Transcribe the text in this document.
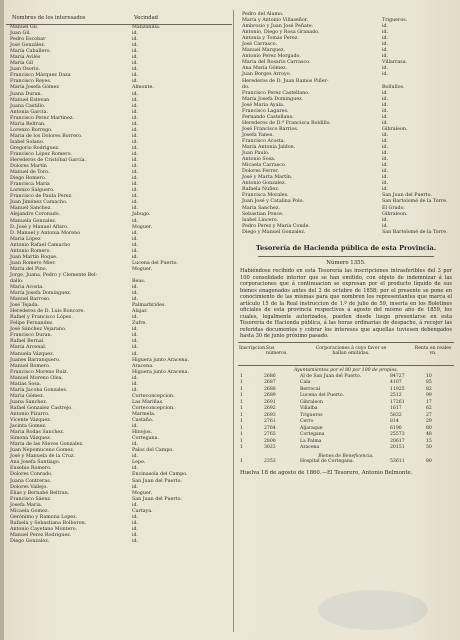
Nombres de los interesados	Vecindad
Manuel Gil.	Manzanilla.
Juan Gil.	id.
Pedro Escobar	id.
José González.	id.
María Caballero.	id.
María Avilés	id.
María Gil	id.
Juan Osorio.	id.
Francisco Márquez Daza	id.
Francisco Reyes.	id.
María Josefa Gómez	Almonte.
Juana Duran.	id.
Manuel Estevan	id.
Juana Castillo.	id.
Antonia García.	id.
Francisco Perez Martinez.	id.
Maria Beltran.	id.
Lorenzo Borrego.	id.
Maria de los Dolores Borrero.	id.
Isabel Solano.	id.
Gregorio Rodriguez.	id.
Francisco López Romero.	id.
Herederos de Cristóbal García.	id.
Dolores Martín	id.
Manuel de Toro.	id.
Diego Romero.	id.
Francisca Maria	id.
Lorenzo Salguero.	id.
Francisco de Paula Perez.	id.
Juan Jiménez Camacho.	id.
Manuel Sanchez.	id.
Alejandro Coronado.	Jabugo.
Manuela Gonzalez.	id.
D. José y Manuel Aflaro.	Moguer.
D. Manuel y Antonia Moreno	id.
Maria López	id.
Antonio Rafael Camacho	id.
Antonio Romero.	id.
Juan Martín Roque.	id.
Juan Romero Mier.	Lucena del Puerto.
Maria del Pino.	Moguer.
Jorge, Juana, Pedro y Clemente Bel-
dallo.	Beas.
Maria Acosta.	id.
María Josefa Domínguez.	id.
Manuel Barroso.	id.
José Tejada.	Palmarbrides.
Herederos de D. Luis Boncore.	Alajar.
Rafael y Francisco López.	id.
Felipe Fernandez.	Zufre.
José Sánchez Vejarano.	id.
Francisco Duran.	id.
Rafael Bernal.	id.
María Arcenal.	id.
Manuela Vázquez.	id.
Juanes Barranquero.	Higuera junto Aracena.
Manuel Romero.	Aracena.
Francisco Moreno Ruiz.	Higuera junto Aracena.
Manuel Moreno Olea.	id.
Matías Sosa.	id.
María Jacoba Gonzales.	id.
Maria Gómez.	Corteconcepcion.
Juana Sanchez.	Las Mariñas.
Rafael Gonzalez Castrejo.	Corteconcepcion.
Antonio Pizarro.	Marmela.
Vicente Vázquez.	Castaño.
Jacinta Gomez.	id.
Maria Rodas Sanchez.	Hinojos.
Simona Vázquez.	Cortegana.
Maria de las Nieves Gonzalez.	id.
Juan Nepomuceno Gomez.	Palos del Campo.
José y Manuela de la Cruz.	id.
Ana Josefa Santiago.	Lepe.
Eusebio Romero.	id.
Dolores Conrado.	Encinasola del Campo.
Juana Contreras.	San Juan del Puerto.
Dolores Vallejo.	id.
Elias y Bernabé Beltran.	Moguer.
Francisco Sáenz.	San Juan del Puerto.
Josefa Maria.	id.
Micaela Gomez.	Cartaya.
Gerónimo y Ramona Lopez.	id.
Rafaela y Sebastiana Bolboron.	id.
Antonio Cayetano Montero.	id.
Manuel Perez Rodriguez.	id.
Diego Gonzalez.	id.
Pedro del Alamo.
María y Antonio Villaseñor.	Trigueros.
Ambrosio y Juan José Peñate.	id.
Antonio, Diego y Rosa Granado.	id.
Antonia y Tomás Perez.	id.
José Carrasco.	id.
Manuel Marquez.	id.
Antonio Perez Morgado.	id.
Maria del Rosario Carrasco.	Villarrasa.
Ana María Gómez.	id.
Juan Borges Arroyo.	id.
Herederos de D. Juan Ramos Piñer-
do.	Bollullos.
Francisco Perez Castellano.	id.
María Josefa Dominguez.	id.
José Maria Ayala.	id.
Francisco Lagares.	id.
Fernando Castellano.	id.
Herederos de D.ª Francisca Boldillo.	id.
José Francisco Barrios.	Gibraleon.
Josefa Yanes.	id.
Francisco Acosta.	id.
María Antonia Jaldon.	id.
Juan Paulo.	id.
Antonio Sosa.	id.
Micaela Carrasco.	id.
Dolores Ferrer.	id.
José y Marta Martín.	id.
Antonio Gonzalez.	id.
Rafaela Núñez.	id.
Francisca Morales.	San Juan del Puerto.
Juan José y Catalina Polo.	San Bartolomé de la Torre.
Maria Sanchez.	El Grado.
Sebastian Ponce.	Gibraleon.
Isabel Lincero.	id.
Pedro Perez y María Conde.	id.
Diego y Manuel Gonzalez.	San Bartolomé de la Torre.
Tesorería de Hacienda pública de esta Provincia.
Número 1355.
Habiéndose recibido en esta Tesorería las inscripciones intrasferibles del 3 por 100 consolidado interior que se han emitido, con objeto de indemnizar á las corporaciones que á continuacion se expresan por el producto líquido de sus bienes enagenados antes del 2 de octubre de 1858; por el presente se pone en conocimiento de las mismas para que nombren los representantes que marca el artículo 15 de la Real instruccion de 1.º de julio de 59, inserta en los Boletines oficiales de esta provincia respectivos á agosto del mismo año de 1859, los cuales, legalmente autorizados, pueden desde luego presentarse en esta Tesorería de Hacienda pública, á las horas ordinarias de despacho, á recojer las referidas documentos y cobrar los intereses que aquellas tuviesen debengados hasta 30 de junio próximo pasado.
Inscripcion. Sus números.
Corporaciones á cuyo favor se hallan emitidas.
Renta en reales vn.
Ayuntamientos por el 80 por 100 de propios.
1	2686	Al de San Juan del Puerto.	84727	10
1	2687	Cala	4107	85
1	2688	Berrocal	11925	82
1	2689	Lucena del Puerto.	2512	99
1	2691	Gibraleon	17261	17
1	2692	Villalba	1617	62
1	2693	Trigueros	5832	27
1	2761	Cerro	814	29
1	2764	Aljaraque	6190	80
1	2765	Cortegana	25573	48
1	2800	La Palma	20617	15
1	3023	Aracena	20151	50
Bienes de Beneficencia.
1	2353	Hospital de Cortegana.	53611	80
Huelva 18 de agosto de 1860.—El Tesorero, Antonio Belmonte.
